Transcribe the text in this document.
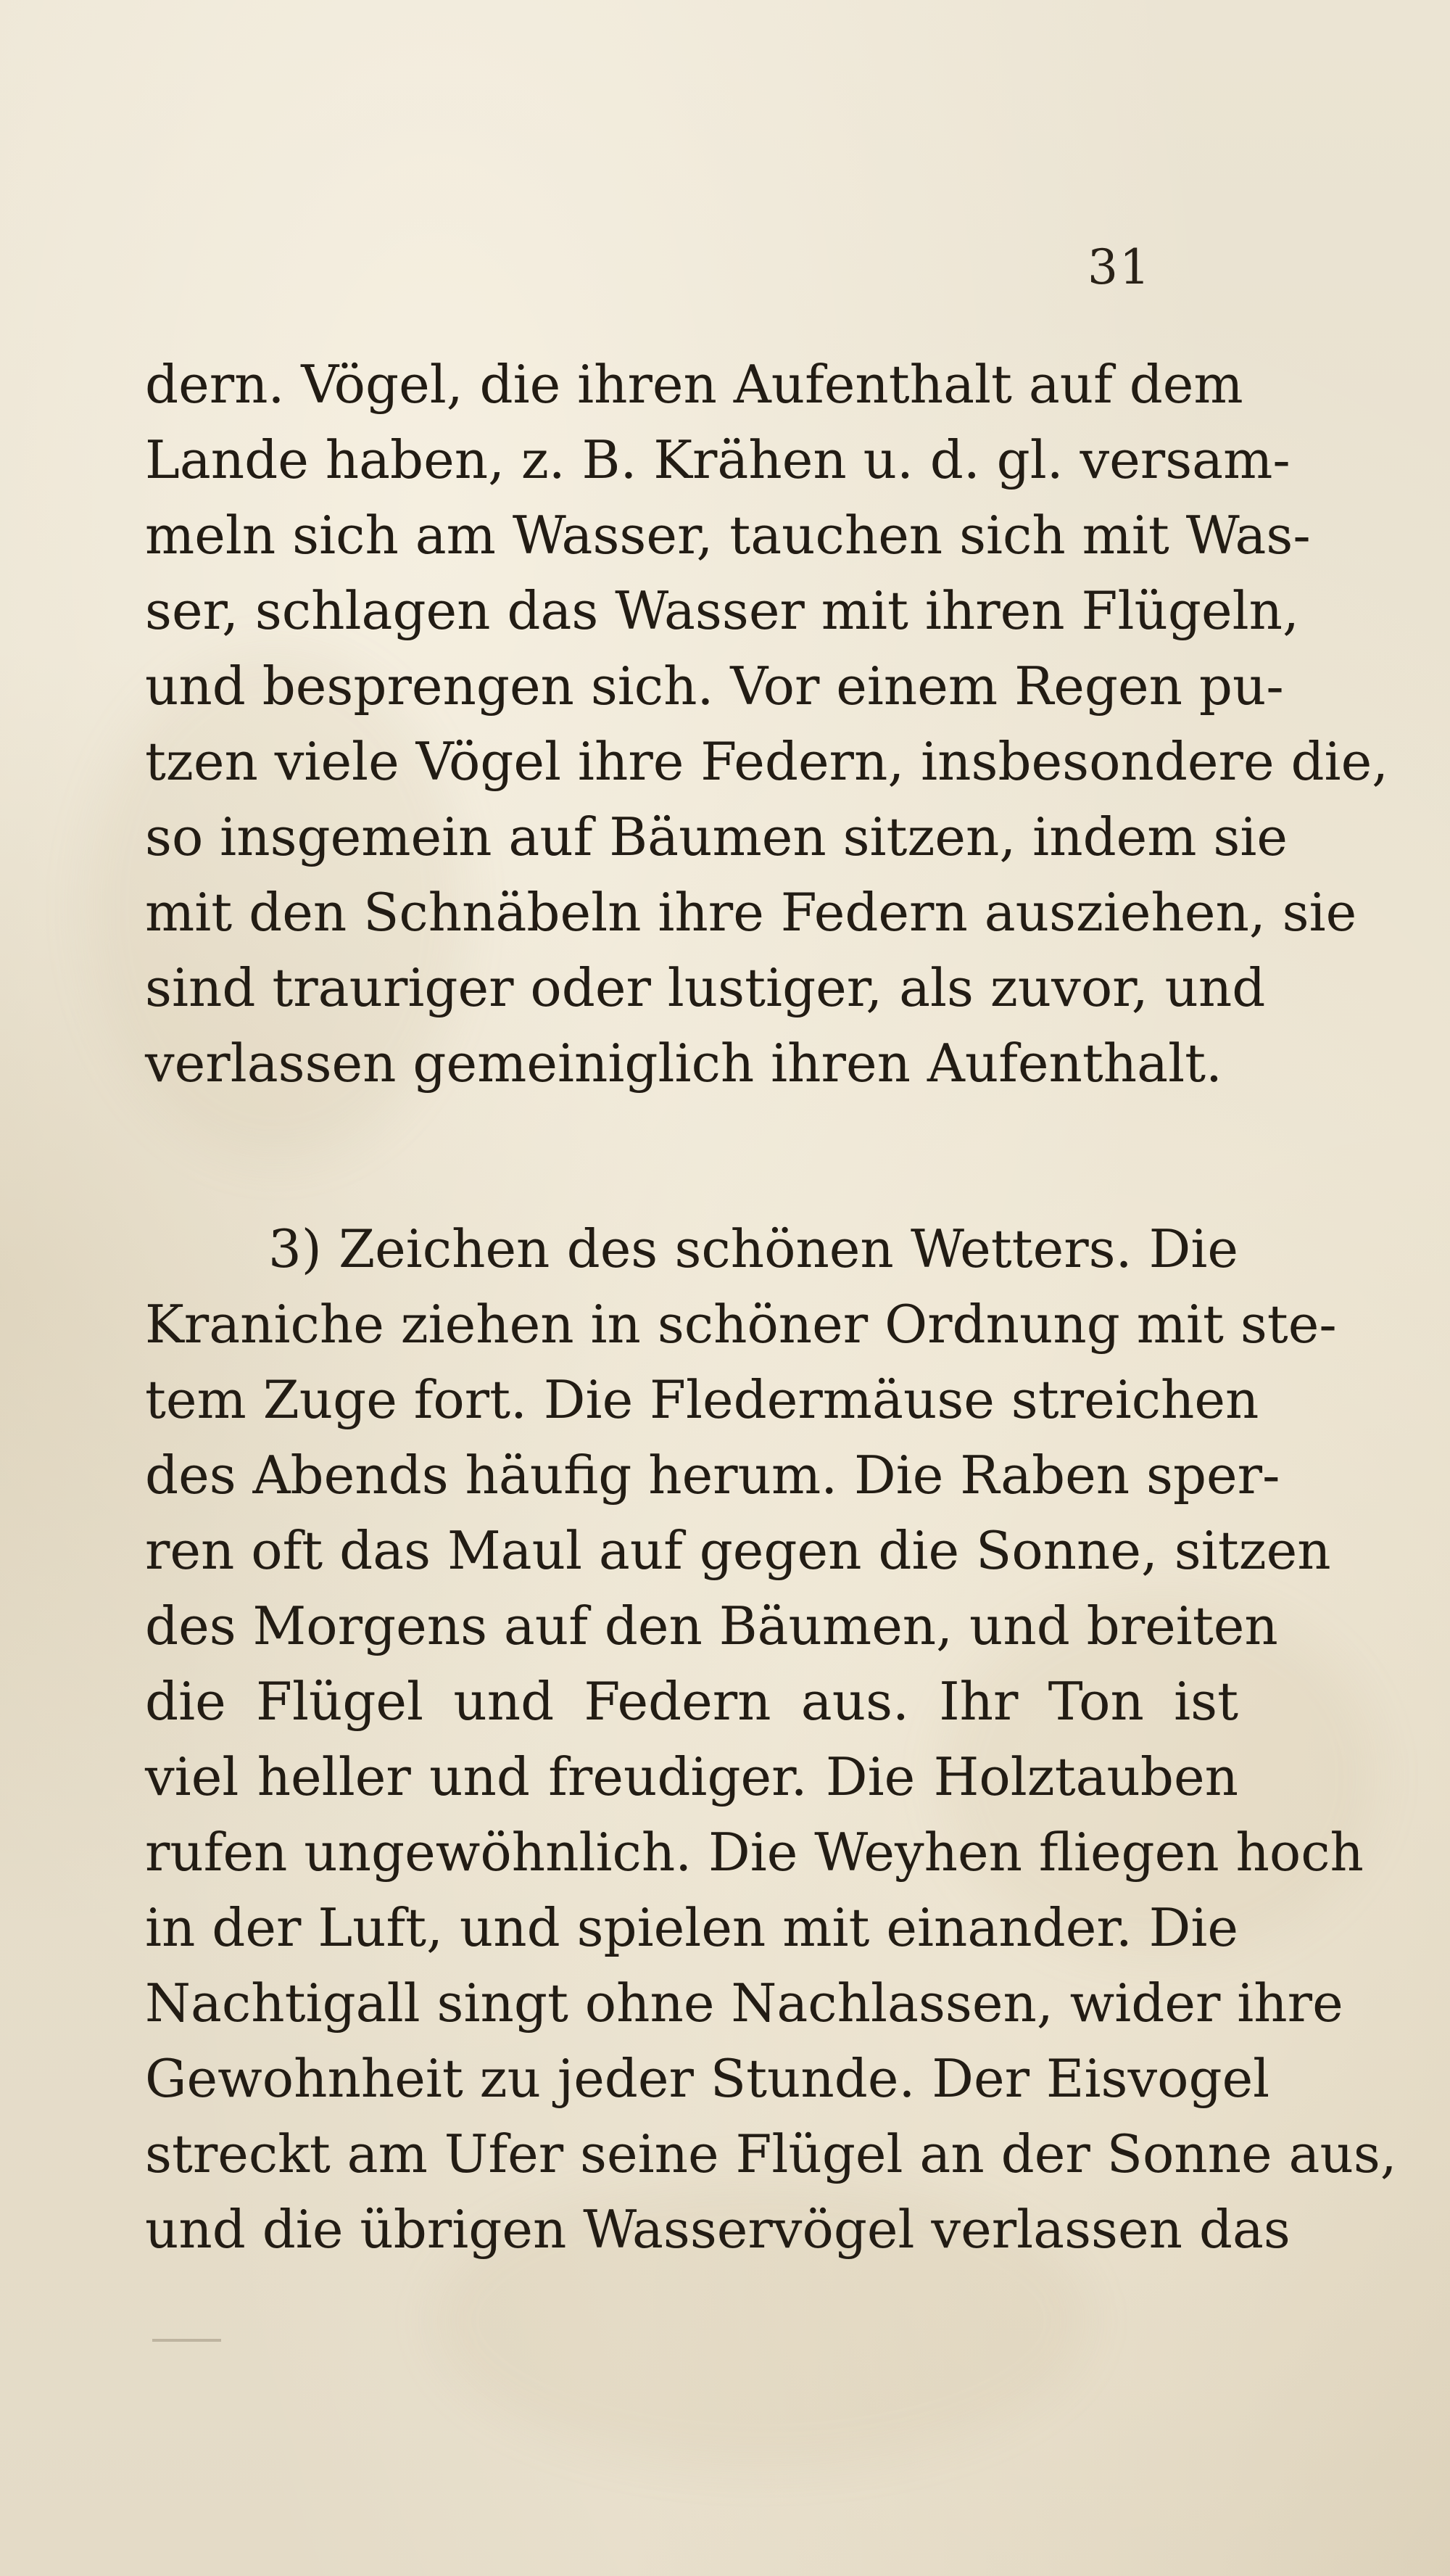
31
dern. Vögel, die ihren Aufenthalt auf dem
Lande haben, z. B. Krähen u. d. gl. versam-
meln sich am Wasser, tauchen sich mit Was-
ser, schlagen das Wasser mit ihren Flügeln,
und besprengen sich. Vor einem Regen pu-
tzen viele Vögel ihre Federn, insbesondere die,
so insgemein auf Bäumen sitzen, indem sie
mit den Schnäbeln ihre Federn ausziehen, sie
sind trauriger oder lustiger, als zuvor, und
verlassen gemeiniglich ihren Aufenthalt.
3) Zeichen des schönen Wetters. Die
Kraniche ziehen in schöner Ordnung mit ste-
tem Zuge fort. Die Fledermäuse streichen
des Abends häufig herum. Die Raben sper-
ren oft das Maul auf gegen die Sonne, sitzen
des Morgens auf den Bäumen, und breiten
die Flügel und Federn aus. Ihr Ton ist
viel heller und freudiger. Die Holztauben
rufen ungewöhnlich. Die Weyhen fliegen hoch
in der Luft, und spielen mit einander. Die
Nachtigall singt ohne Nachlassen, wider ihre
Gewohnheit zu jeder Stunde. Der Eisvogel
streckt am Ufer seine Flügel an der Sonne aus,
und die übrigen Wasservögel verlassen das
